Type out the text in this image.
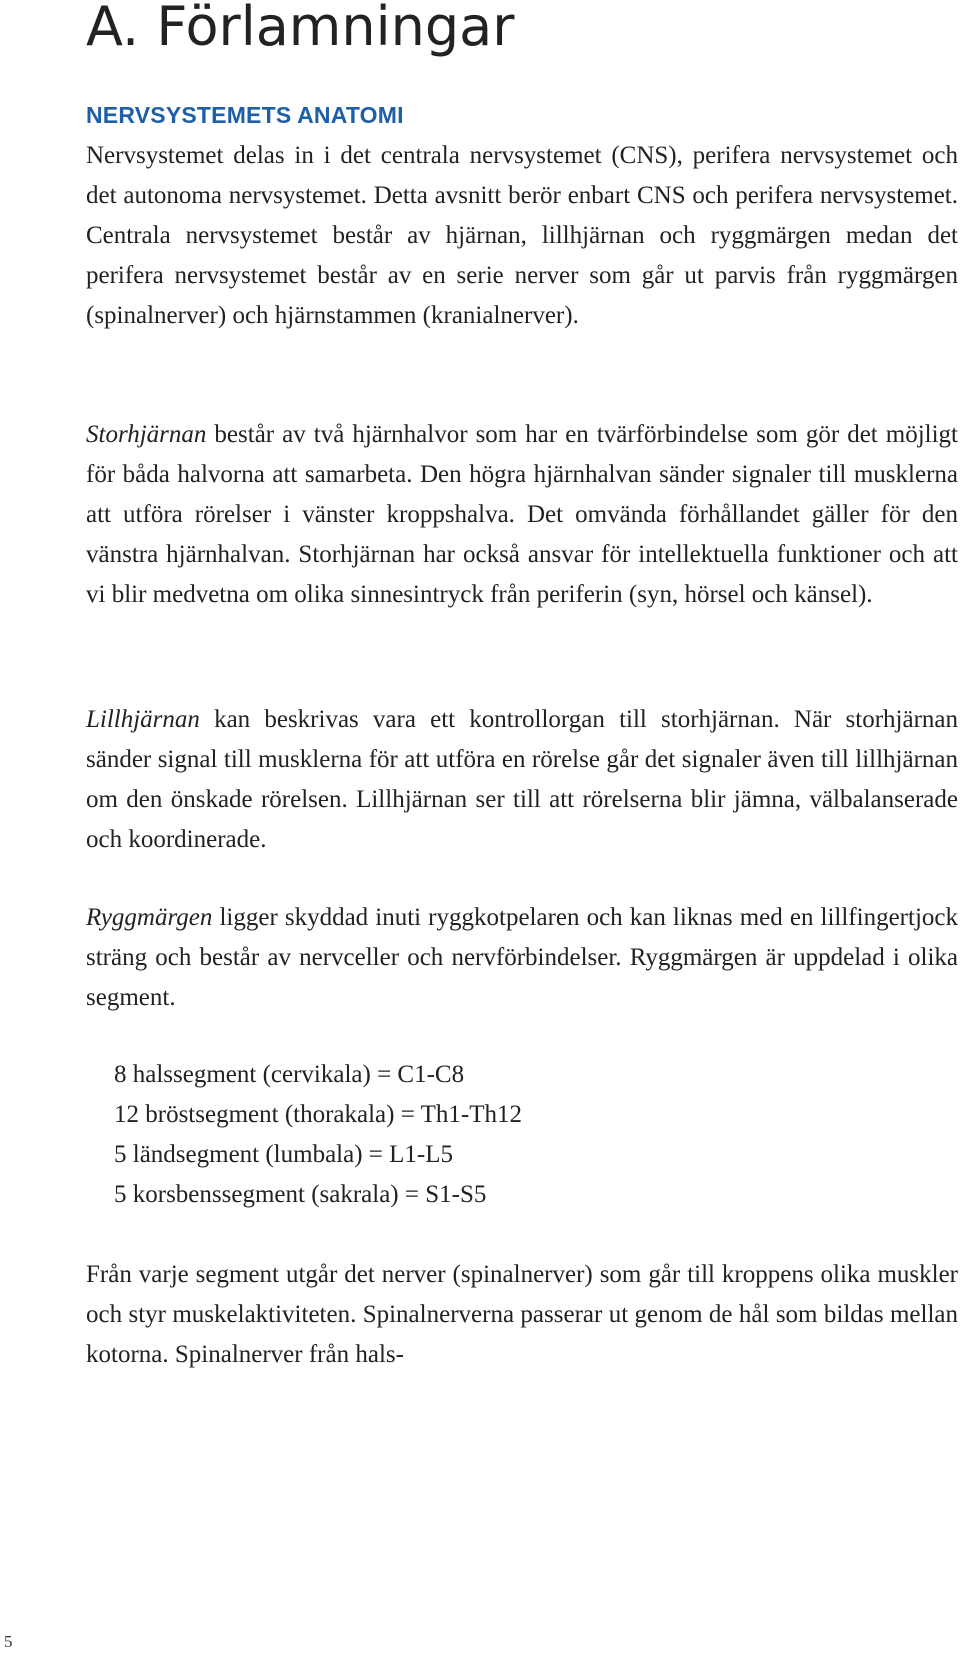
A. Förlamningar
NERVSYSTEMETS ANATOMI

Nervsystemet delas in i det centrala nervsystemet (CNS), perifera nervsystemet och det autonoma nervsystemet. Detta avsnitt berör enbart CNS och perifera nervsystemet. Centrala nervsystemet består av hjärnan, lillhjärnan och ryggmärgen medan det perifera nervsystemet består av en serie nerver som går ut parvis från ryggmärgen (spinalnerver) och hjärnstammen (kranialnerver).

Storhjärnan består av två hjärnhalvor som har en tvärförbindelse som gör det möjligt för båda halvorna att samarbeta. Den högra hjärnhalvan sänder signaler till musklerna att utföra rörelser i vänster kroppshalva. Det omvända förhållandet gäller för den vänstra hjärnhalvan. Storhjärnan har också ansvar för intellektuella funktioner och att vi blir medvetna om olika sinnesintryck från periferin (syn, hörsel och känsel).

Lillhjärnan kan beskrivas vara ett kontrollorgan till storhjärnan. När storhjärnan sänder signal till musklerna för att utföra en rörelse går det signaler även till lillhjärnan om den önskade rörelsen. Lillhjärnan ser till att rörelserna blir jämna, välbalanserade och koordinerade.

Ryggmärgen ligger skyddad inuti ryggkotpelaren och kan liknas med en lillfingertjock sträng och består av nervceller och nervförbindelser. Ryggmärgen är uppdelad i olika segment.

8 halssegment (cervikala) = C1-C8
12 bröstsegment (thorakala) = Th1-Th12
5 ländsegment (lumbala) = L1-L5
5 korsbenssegment (sakrala) = S1-S5

Från varje segment utgår det nerver (spinalnerver) som går till kroppens olika muskler och styr muskelaktiviteten. Spinalnerverna passerar ut genom de hål som bildas mellan kotorna. Spinalnerver från hals-

5
